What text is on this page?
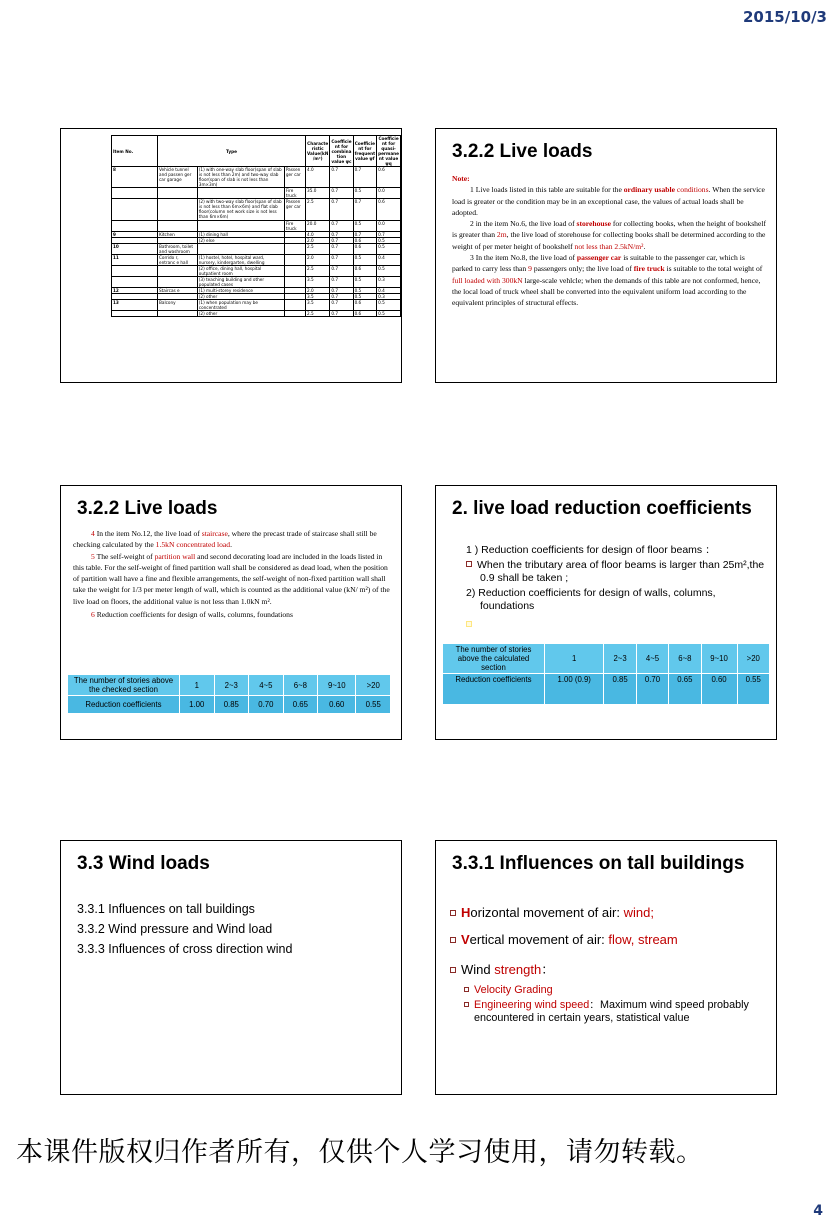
2015/10/3
Item No.	Type			Characte ristic Value(kN /m²)	Coefficie nt for combina tion value ψc	Coefficie nt for frequent value ψf	Coefficie nt for quasi- permane nt value ψq
8	Vehicle tunnel and passen ger car garage	(1) with one-way slab floor(span of slab is not less than 2m) and two-way slab floor(span of slab is not less than 3m×3m)	Passen ger car	4.0	0.7	0.7	0.6
			Fire truck	35.0	0.7	0.5	0.0
		(2) with two-way slab floor(span of slab is not less than 6m×6m) and flat slab floor(column net work size is not less than 6m×6m)	Passen ger car	2.5	0.7	0.7	0.6
			Fire truck	20.0	0.7	0.5	0.0
9	Kitchen	(1) dining hall		4.0	0.7	0.7	0.7
		(2) else		2.0	0.7	0.6	0.5
10	Bathroom, toilet and washroom			2.5	0.7	0.6	0.5
11	Corrido r, entranc e hall	(1) hostel, hotel, hospital ward, nursery, kindergarten, dwelling		2.0	0.7	0.5	0.4
		(2) office, dining hall, hospital outpatient room		2.5	0.7	0.6	0.5
		(3) teaching building and other populated cases		3.5	0.7	0.5	0.3
12	Staircas e	(1) multi-storey residence		2.0	0.7	0.5	0.4
		(2) other		3.5	0.7	0.5	0.3
13	Balcony	(1) when population may be concentrated		3.5	0.7	0.6	0.5
		(2) other		2.5	0.7	0.6	0.5
3.2.2 Live loads

Note:

1 Live loads listed in this table are suitable for the ordinary usable conditions. When the service load is greater or the condition may be in an exceptional case, the values of actual loads shall be adopted.

2 in the item No.6, the live load of storehouse for collecting books, when the height of bookshelf is greater than 2m, the live load of storehouse for collecting books shall be determined according to the weight of per meter height of bookshelf not less than 2.5kN/m².

3 In the item No.8, the live load of passenger car is suitable to the passenger car, which is parked to carry less than 9 passengers only; the live load of fire truck is suitable to the total weight of full loaded with 300kN large-scale vehlcle; when the demands of this table are not conformed, hence, the local load of truck wheel shall be converted into the equivalent uniform load according to the equivalent principles of structural effects.

3.2.2 Live loads

4 In the item No.12, the live load of staircase, where the precast trade of staircase shall still be checking calculated by the 1.5kN concentrated load.

5 The self-weight of partition wall and second decorating load are included in the loads listed in this table. For the self-weight of fined partition wall shall be considered as dead load, when the position of partition wall have a fine and flexible arrangements, the self-weight of non-fixed partition wall shall take the weight for 1/3 per meter length of wall, which is counted as the additional value (kN/ m²) of the live load on floors, the additional value is not less than 1.0kN m².

6 Reduction coefficients for design of walls, columns, foundations

The number of stories above the checked section	1	2~3	4~5	6~8	9~10	>20
Reduction coefficients	1.00	0.85	0.70	0.65	0.60	0.55
2. live load reduction coefficients

1 ) Reduction coefficients for design of floor beams ：

When the tributary area of floor beams is larger than 25m²,the 0.9 shall be taken ;

2) Reduction coefficients for design of walls, columns, foundations

The number of stories above the calculated section	1	2~3	4~5	6~8	9~10	>20
Reduction coefficients	1.00 (0.9)	0.85	0.70	0.65	0.60	0.55
3.3 Wind loads

3.3.1 Influences on tall buildings

3.3.2 Wind pressure and Wind load

3.3.3 Influences of cross direction wind

3.3.1 Influences on tall buildings

Horizontal movement of air: wind;

Vertical movement of air: flow, stream

Wind strength：

Velocity Grading

Engineering wind speed：Maximum wind speed probably encountered in certain years, statistical value

本课件版权归作者所有，仅供个人学习使用，请勿转载。
4
